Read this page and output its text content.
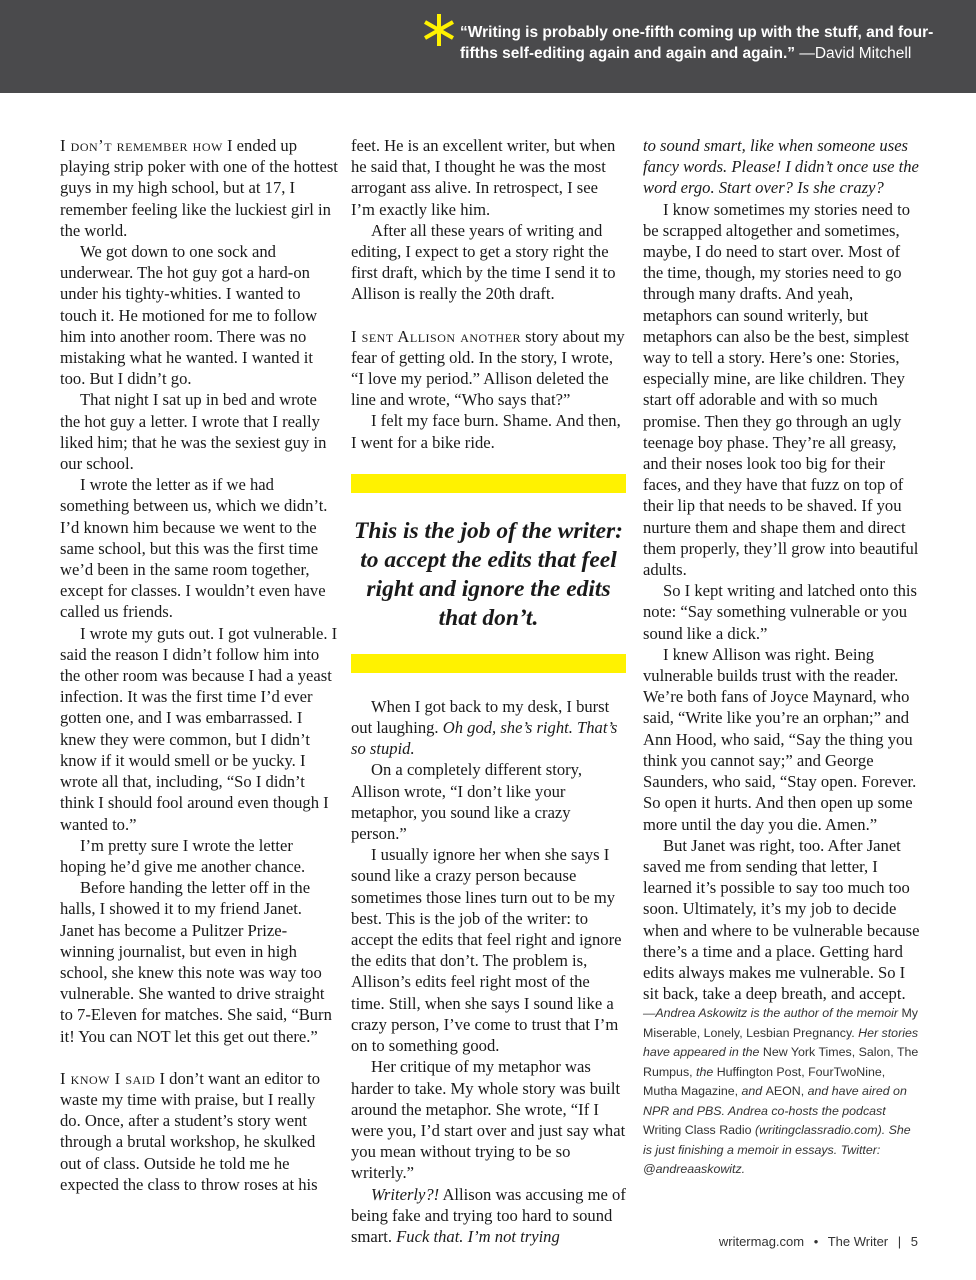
“Writing is probably one-fifth coming up with the stuff, and four-fifths self-editing again and again and again.” —David Mitchell

I don’t remember how I ended up playing strip poker with one of the hottest guys in my high school, but at 17, I remember feeling like the luckiest girl in the world.

We got down to one sock and underwear. The hot guy got a hard-on under his tighty-whities. I wanted to touch it. He motioned for me to follow him into another room. There was no mistaking what he wanted. I wanted it too. But I didn’t go.

That night I sat up in bed and wrote the hot guy a letter. I wrote that I really liked him; that he was the sexiest guy in our school.

I wrote the letter as if we had something between us, which we didn’t. I’d known him because we went to the same school, but this was the first time we’d been in the same room together, except for classes. I wouldn’t even have called us friends.

I wrote my guts out. I got vulnerable. I said the reason I didn’t follow him into the other room was because I had a yeast infection. It was the first time I’d ever gotten one, and I was embarrassed. I knew they were common, but I didn’t know if it would smell or be yucky. I wrote all that, including, “So I didn’t think I should fool around even though I wanted to.”

I’m pretty sure I wrote the letter hoping he’d give me another chance.

Before handing the letter off in the halls, I showed it to my friend Janet. Janet has become a Pulitzer Prize-winning journalist, but even in high school, she knew this note was way too vulnerable. She wanted to drive straight to 7-Eleven for matches. She said, “Burn it! You can NOT let this get out there.”

I know I said I don’t want an editor to waste my time with praise, but I really do. Once, after a student’s story went through a brutal workshop, he skulked out of class. Outside he told me he expected the class to throw roses at his

feet. He is an excellent writer, but when he said that, I thought he was the most arrogant ass alive. In retrospect, I see I’m exactly like him.

After all these years of writing and editing, I expect to get a story right the first draft, which by the time I send it to Allison is really the 20th draft.

I sent Allison another story about my fear of getting old. In the story, I wrote, “I love my period.” Allison deleted the line and wrote, “Who says that?”

I felt my face burn. Shame. And then, I went for a bike ride.

This is the job of the writer: to accept the edits that feel right and ignore the edits that don’t.

When I got back to my desk, I burst out laughing. Oh god, she’s right. That’s so stupid.

On a completely different story, Allison wrote, “I don’t like your metaphor, you sound like a crazy person.”

I usually ignore her when she says I sound like a crazy person because sometimes those lines turn out to be my best. This is the job of the writer: to accept the edits that feel right and ignore the edits that don’t. The problem is, Allison’s edits feel right most of the time. Still, when she says I sound like a crazy person, I’ve come to trust that I’m on to something good.

Her critique of my metaphor was harder to take. My whole story was built around the metaphor. She wrote, “If I were you, I’d start over and just say what you mean without trying to be so writerly.”

Writerly?! Allison was accusing me of being fake and trying too hard to sound smart. Fuck that. I’m not trying

to sound smart, like when someone uses fancy words. Please! I didn’t once use the word ergo. Start over? Is she crazy?

I know sometimes my stories need to be scrapped altogether and sometimes, maybe, I do need to start over. Most of the time, though, my stories need to go through many drafts. And yeah, metaphors can sound writerly, but metaphors can also be the best, simplest way to tell a story. Here’s one: Stories, especially mine, are like children. They start off adorable and with so much promise. Then they go through an ugly teenage boy phase. They’re all greasy, and their noses look too big for their faces, and they have that fuzz on top of their lip that needs to be shaved. If you nurture them and shape them and direct them properly, they’ll grow into beautiful adults.

So I kept writing and latched onto this note: “Say something vulnerable or you sound like a dick.”

I knew Allison was right. Being vulnerable builds trust with the reader. We’re both fans of Joyce Maynard, who said, “Write like you’re an orphan;” and Ann Hood, who said, “Say the thing you think you cannot say;” and George Saunders, who said, “Stay open. Forever. So open it hurts. And then open up some more until the day you die. Amen.”

But Janet was right, too. After Janet saved me from sending that letter, I learned it’s possible to say too much too soon. Ultimately, it’s my job to decide when and where to be vulnerable because there’s a time and a place. Getting hard edits always makes me vulnerable. So I sit back, take a deep breath, and accept.

—Andrea Askowitz is the author of the memoir My Miserable, Lonely, Lesbian Pregnancy. Her stories have appeared in the New York Times, Salon, The Rumpus, the Huffington Post, FourTwoNine, Mutha Magazine, and AEON, and have aired on NPR and PBS. Andrea co-hosts the podcast Writing Class Radio (writingclassradio.com). She is just finishing a memoir in essays. Twitter: @andreaaskowitz.

writermag.com • The Writer | 5
